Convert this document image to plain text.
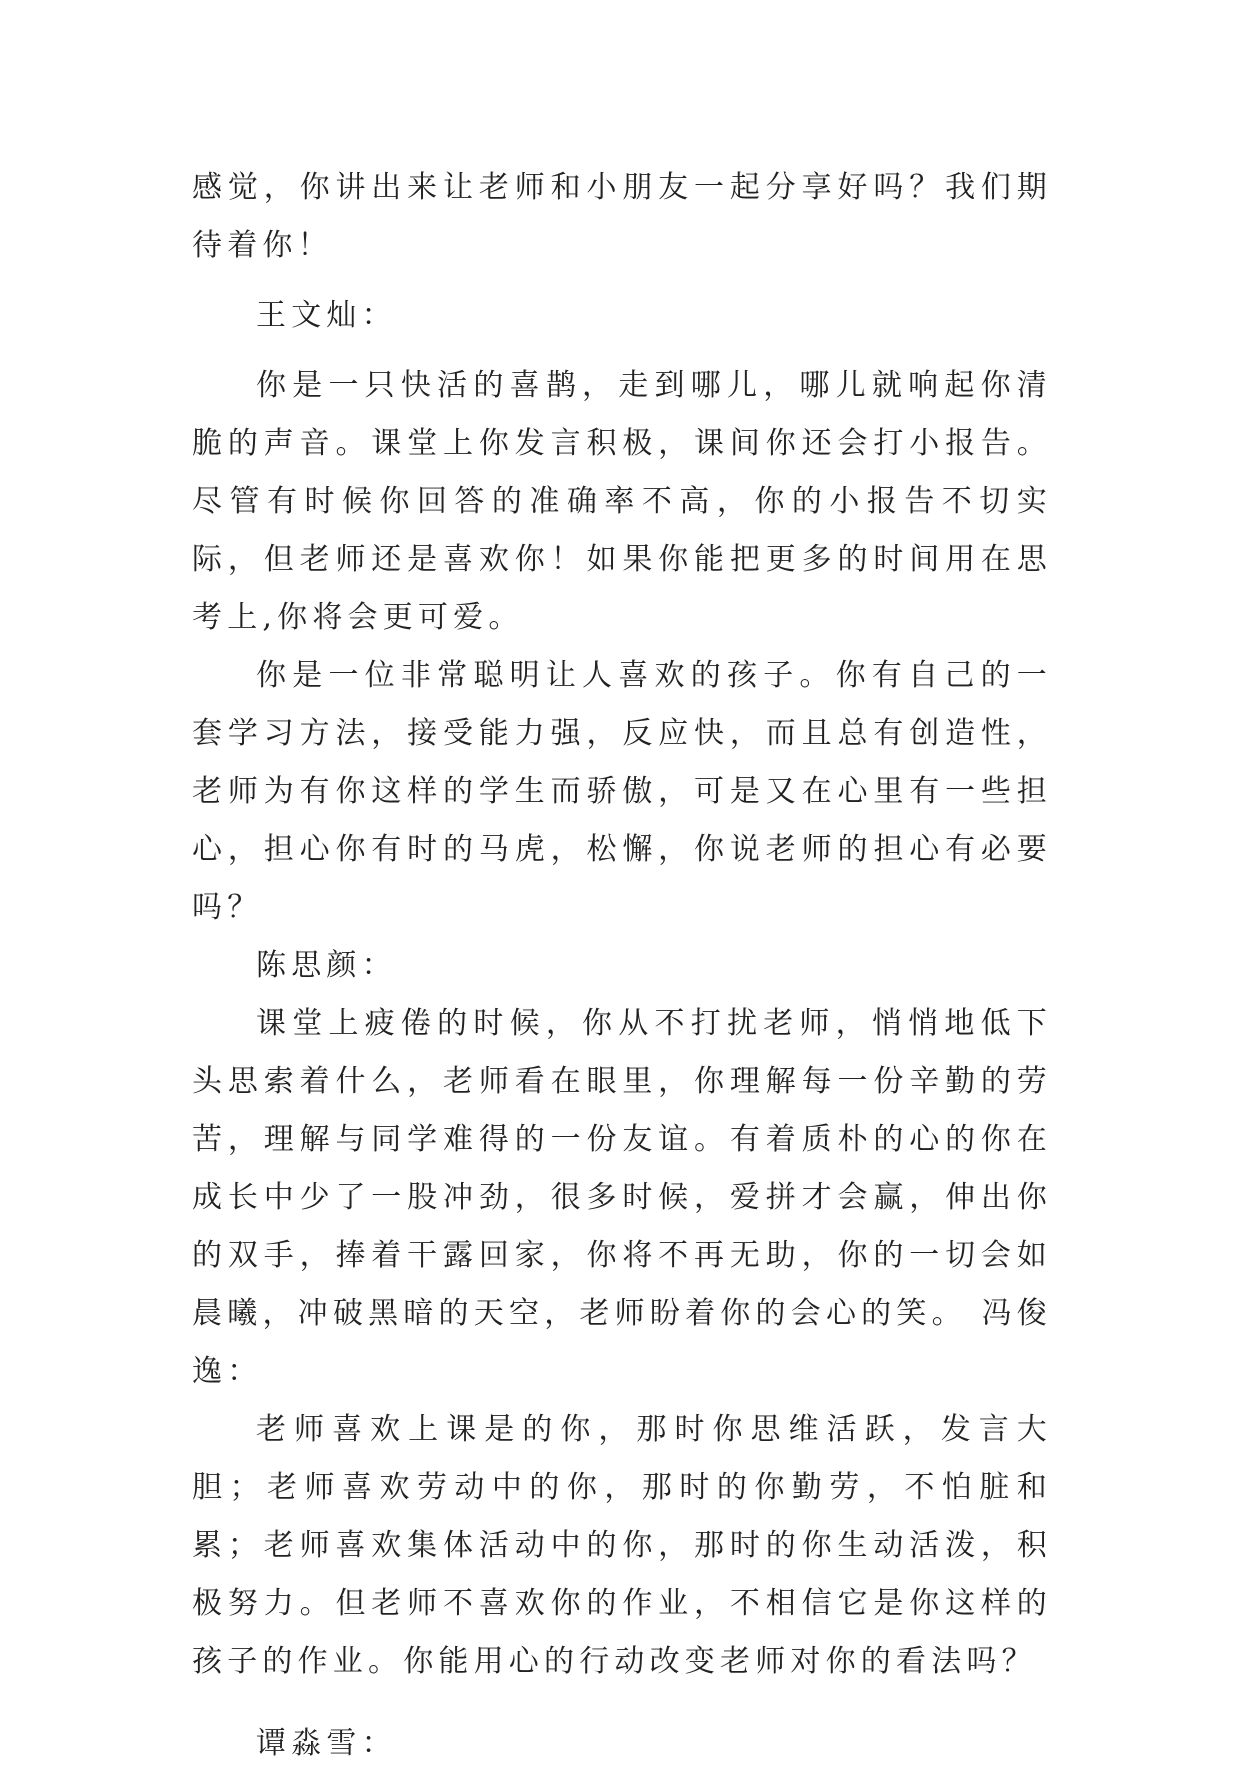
感觉，你讲出来让老师和小朋友一起分享好吗？我们期待着你！

王文灿：

你是一只快活的喜鹊，走到哪儿，哪儿就响起你清脆的声音。课堂上你发言积极，课间你还会打小报告。尽管有时候你回答的准确率不高，你的小报告不切实际，但老师还是喜欢你！如果你能把更多的时间用在思考上,你将会更可爱。

你是一位非常聪明让人喜欢的孩子。你有自己的一套学习方法，接受能力强，反应快，而且总有创造性，老师为有你这样的学生而骄傲，可是又在心里有一些担心，担心你有时的马虎，松懈，你说老师的担心有必要吗？

陈思颜：

课堂上疲倦的时候，你从不打扰老师，悄悄地低下头思索着什么，老师看在眼里，你理解每一份辛勤的劳苦，理解与同学难得的一份友谊。有着质朴的心的你在成长中少了一股冲劲，很多时候，爱拼才会赢，伸出你的双手，捧着干露回家，你将不再无助，你的一切会如晨曦，冲破黑暗的天空，老师盼着你的会心的笑。 冯俊逸：

老师喜欢上课是的你，那时你思维活跃，发言大胆；老师喜欢劳动中的你，那时的你勤劳，不怕脏和累；老师喜欢集体活动中的你，那时的你生动活泼，积极努力。但老师不喜欢你的作业，不相信它是你这样的孩子的作业。你能用心的行动改变老师对你的看法吗？

谭淼雪：
